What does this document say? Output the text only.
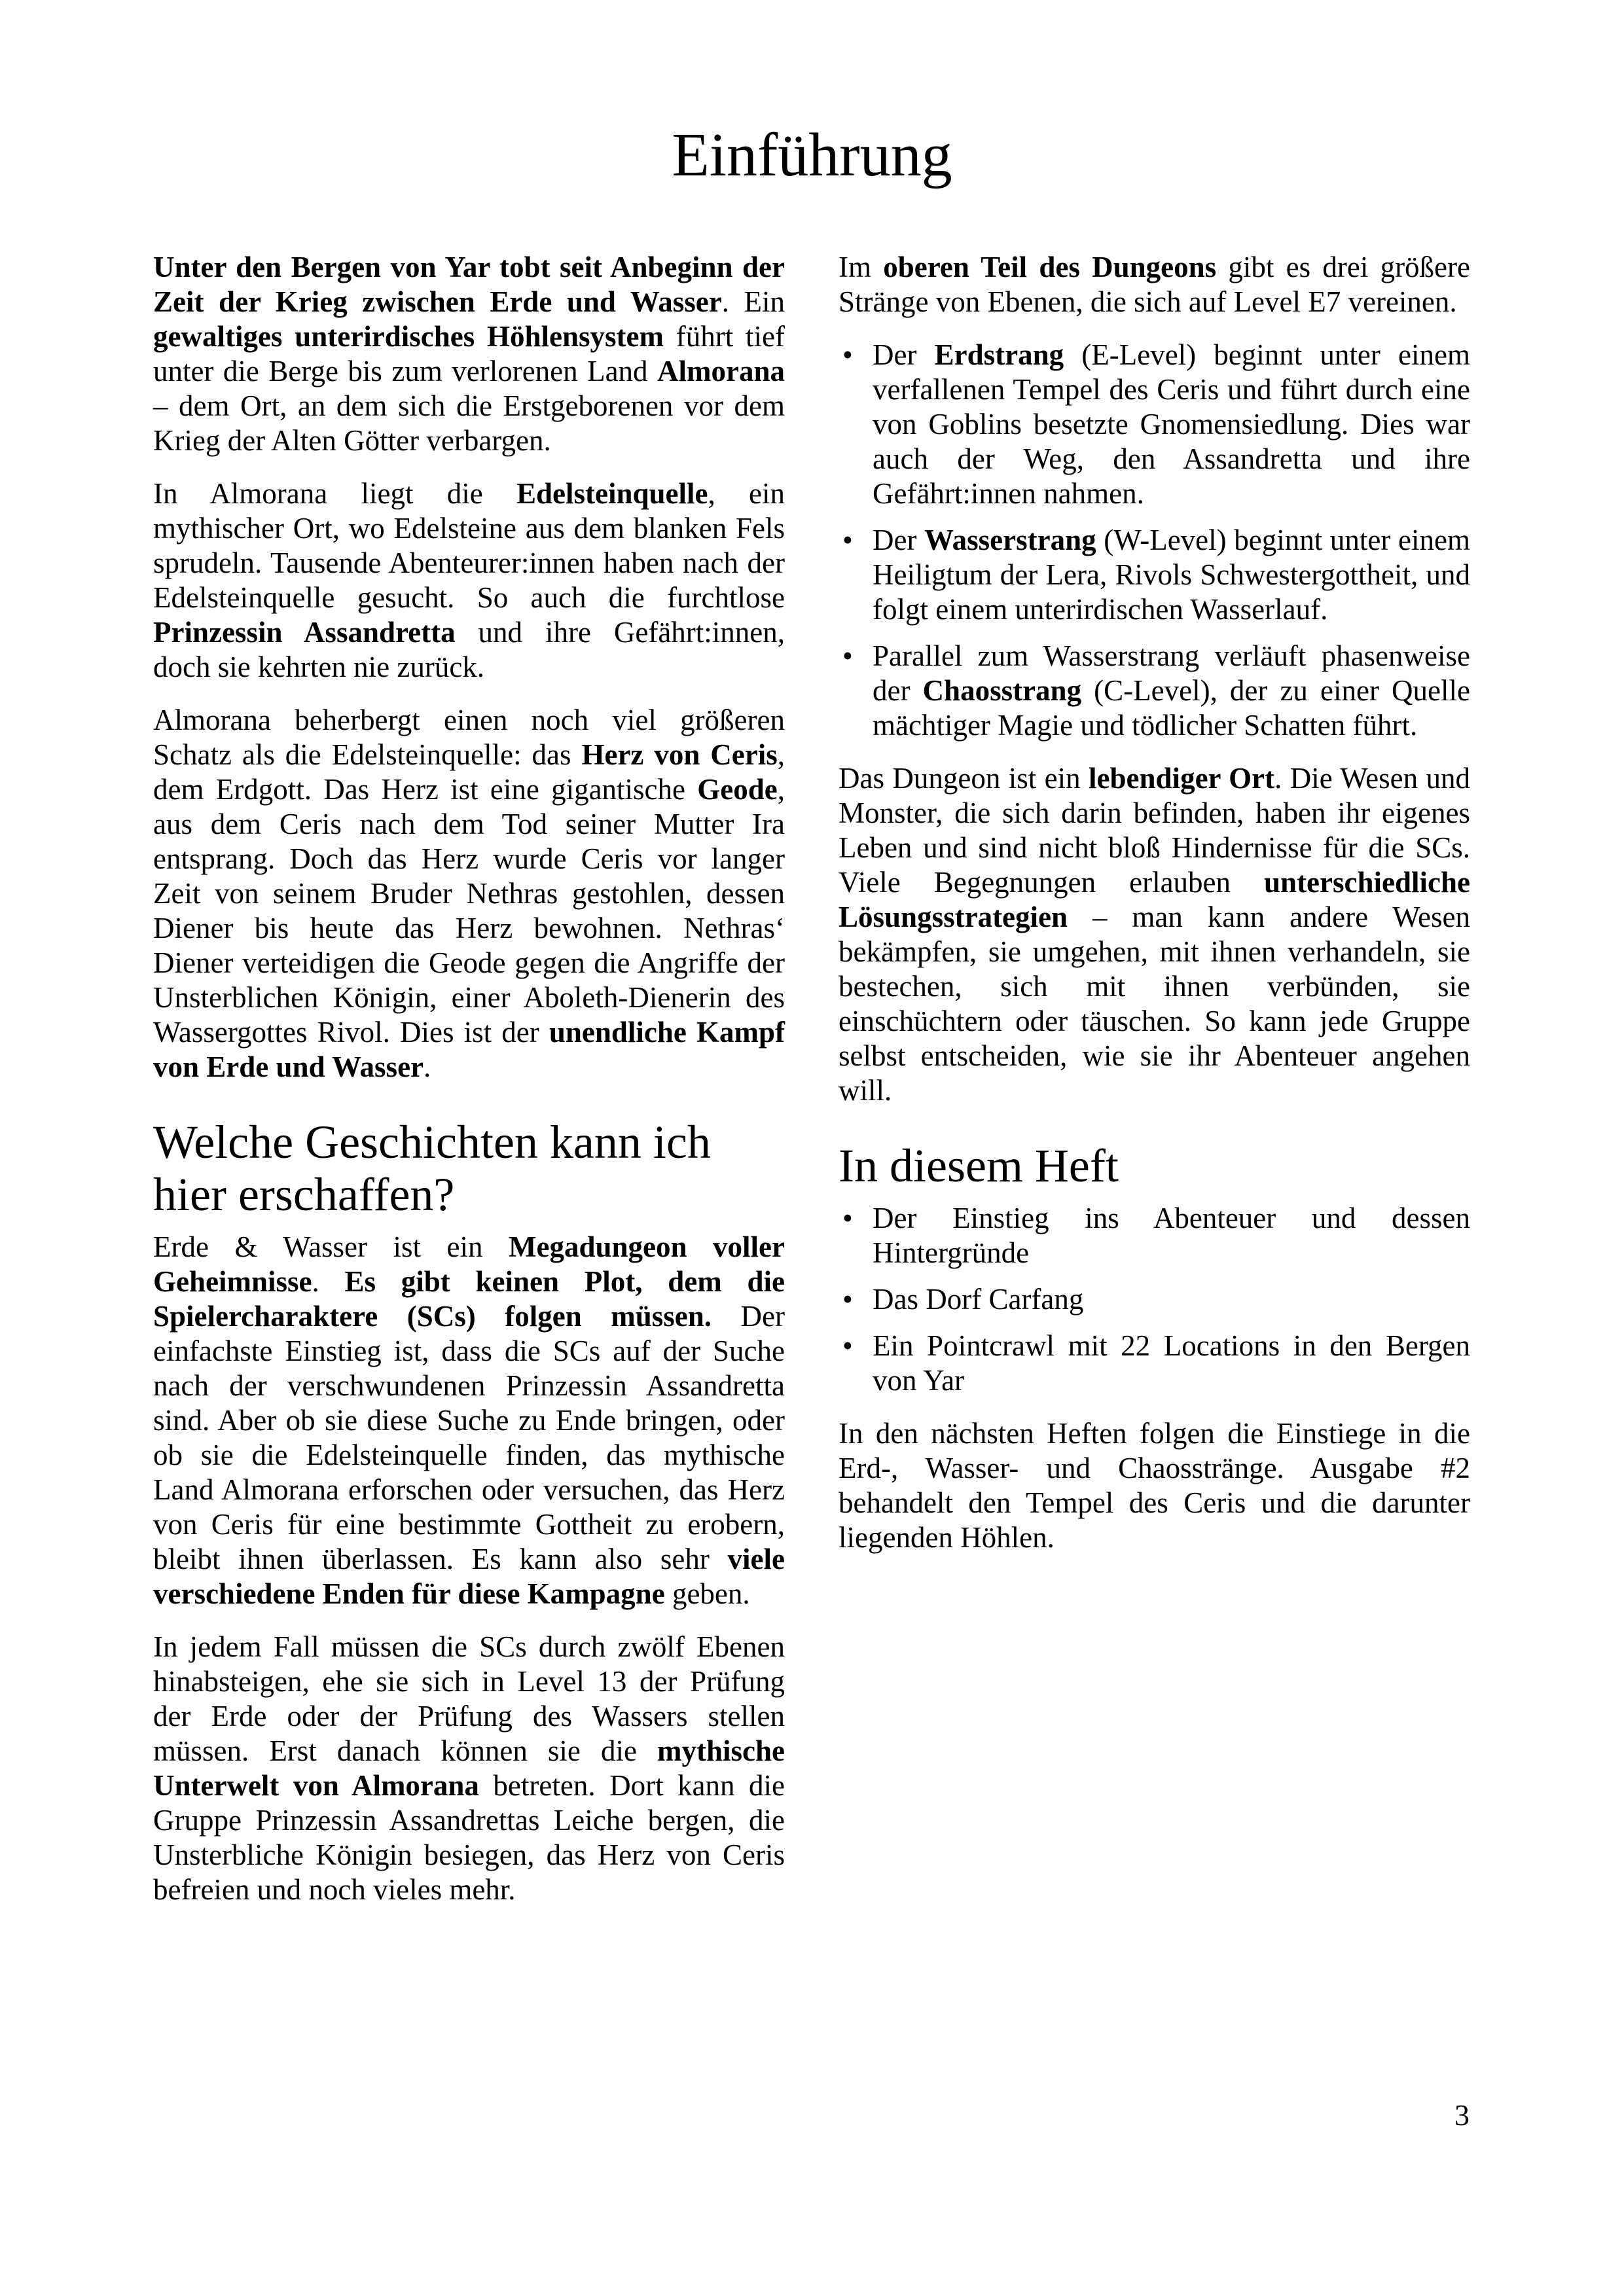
Einführung

Unter den Bergen von Yar tobt seit Anbeginn der Zeit der Krieg zwischen Erde und Wasser. Ein gewaltiges unterirdisches Höhlensystem führt tief unter die Berge bis zum verlorenen Land Almorana – dem Ort, an dem sich die Erstgeborenen vor dem Krieg der Alten Götter verbargen.

In Almorana liegt die Edelsteinquelle, ein mythischer Ort, wo Edelsteine aus dem blanken Fels sprudeln. Tausende Abenteurer:innen haben nach der Edelsteinquelle gesucht. So auch die furchtlose Prinzessin Assandretta und ihre Gefährt:innen, doch sie kehrten nie zurück.

Almorana beherbergt einen noch viel größeren Schatz als die Edelsteinquelle: das Herz von Ceris, dem Erdgott. Das Herz ist eine gigantische Geode, aus dem Ceris nach dem Tod seiner Mutter Ira entsprang. Doch das Herz wurde Ceris vor langer Zeit von seinem Bruder Nethras gestohlen, dessen Diener bis heute das Herz bewohnen. Nethras‘ Diener verteidigen die Geode gegen die Angriffe der Unsterblichen Königin, einer Aboleth-Dienerin des Wassergottes Rivol. Dies ist der unendliche Kampf von Erde und Wasser.

Welche Geschichten kann ich hier erschaffen?

Erde & Wasser ist ein Megadungeon voller Geheimnisse. Es gibt keinen Plot, dem die Spielercharaktere (SCs) folgen müssen. Der einfachste Einstieg ist, dass die SCs auf der Suche nach der verschwundenen Prinzessin Assandretta sind. Aber ob sie diese Suche zu Ende bringen, oder ob sie die Edelsteinquelle finden, das mythische Land Almorana erforschen oder versuchen, das Herz von Ceris für eine bestimmte Gottheit zu erobern, bleibt ihnen überlassen. Es kann also sehr viele verschiedene Enden für diese Kampagne geben.

In jedem Fall müssen die SCs durch zwölf Ebenen hinabsteigen, ehe sie sich in Level 13 der Prüfung der Erde oder der Prüfung des Wassers stellen müssen. Erst danach können sie die mythische Unterwelt von Almorana betreten. Dort kann die Gruppe Prinzessin Assandrettas Leiche bergen, die Unsterbliche Königin besiegen, das Herz von Ceris befreien und noch vieles mehr.

Im oberen Teil des Dungeons gibt es drei größere Stränge von Ebenen, die sich auf Level E7 vereinen.

• Der Erdstrang (E-Level) beginnt unter einem verfallenen Tempel des Ceris und führt durch eine von Goblins besetzte Gnomensiedlung. Dies war auch der Weg, den Assandretta und ihre Gefährt:innen nahmen.
• Der Wasserstrang (W-Level) beginnt unter einem Heiligtum der Lera, Rivols Schwestergottheit, und folgt einem unterirdischen Wasserlauf.
• Parallel zum Wasserstrang verläuft phasenweise der Chaosstrang (C-Level), der zu einer Quelle mächtiger Magie und tödlicher Schatten führt.

Das Dungeon ist ein lebendiger Ort. Die Wesen und Monster, die sich darin befinden, haben ihr eigenes Leben und sind nicht bloß Hindernisse für die SCs. Viele Begegnungen erlauben unterschiedliche Lösungsstrategien – man kann andere Wesen bekämpfen, sie umgehen, mit ihnen verhandeln, sie bestechen, sich mit ihnen verbünden, sie einschüchtern oder täuschen. So kann jede Gruppe selbst entscheiden, wie sie ihr Abenteuer angehen will.

In diesem Heft
• Der Einstieg ins Abenteuer und dessen Hintergründe
• Das Dorf Carfang
• Ein Pointcrawl mit 22 Locations in den Bergen von Yar

In den nächsten Heften folgen die Einstiege in die Erd-, Wasser- und Chaosstränge. Ausgabe #2 behandelt den Tempel des Ceris und die darunter liegenden Höhlen.

3
